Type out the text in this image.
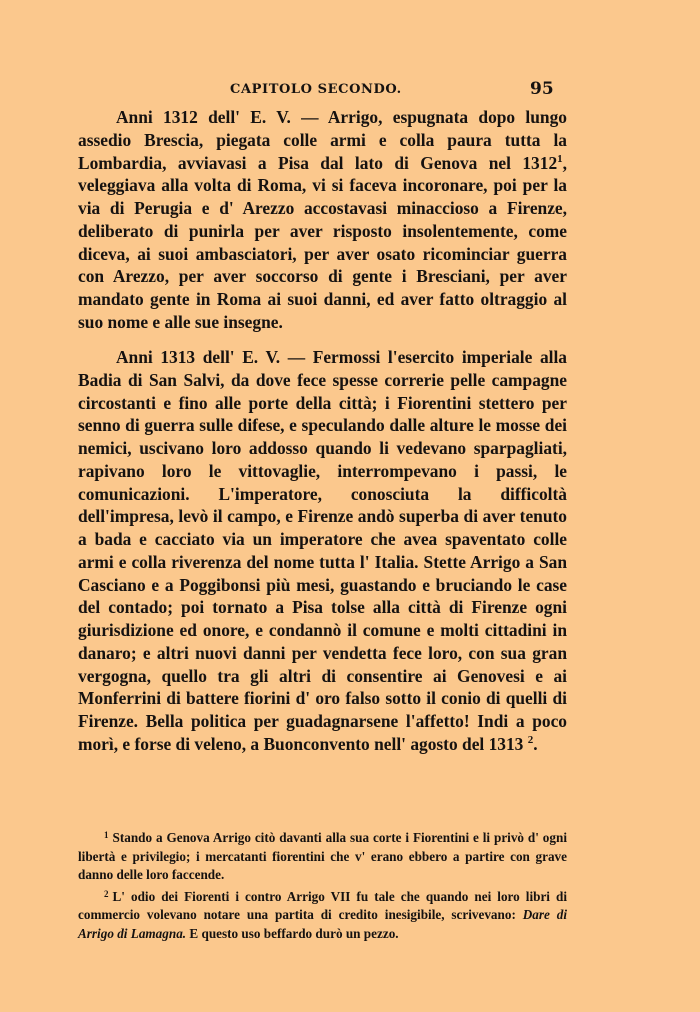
CAPITOLO SECONDO.	95

Anni 1312 dell' E. V. — Arrigo, espugnata dopo lungo assedio Brescia, piegata colle armi e colla paura tutta la Lombardia, avviavasi a Pisa dal lato di Genova nel 1312$^1$, veleggiava alla volta di Roma, vi si faceva incoronare, poi per la via di Perugia e d' Arezzo accostavasi minaccioso a Firenze, deliberato di punirla per aver risposto insolentemente, come diceva, ai suoi ambasciatori, per aver osato ricominciar guerra con Arezzo, per aver soccorso di gente i Bresciani, per aver mandato gente in Roma ai suoi danni, ed aver fatto oltraggio al suo nome e alle sue insegne.

Anni 1313 dell' E. V. — Fermossi l'esercito imperiale alla Badia di San Salvi, da dove fece spesse correrie pelle campagne circostanti e fino alle porte della città; i Fiorentini stettero per senno di guerra sulle difese, e speculando dalle alture le mosse dei nemici, uscivano loro addosso quando li vedevano sparpagliati, rapivano loro le vittovaglie, interrompevano i passi, le comunicazioni. L'imperatore, conosciuta la difficoltà dell'impresa, levò il campo, e Firenze andò superba di aver tenuto a bada e cacciato via un imperatore che avea spaventato colle armi e colla riverenza del nome tutta l' Italia. Stette Arrigo a San Casciano e a Poggibonsi più mesi, guastando e bruciando le case del contado; poi tornato a Pisa tolse alla città di Firenze ogni giurisdizione ed onore, e condannò il comune e molti cittadini in danaro; e altri nuovi danni per vendetta fece loro, con sua gran vergogna, quello tra gli altri di consentire ai Genovesi e ai Monferrini di battere fiorini d' oro falso sotto il conio di quelli di Firenze. Bella politica per guadagnarsene l'affetto! Indi a poco morì, e forse di veleno, a Buonconvento nell' agosto del 1313 $^2$.

$^1$ Stando a Genova Arrigo citò davanti alla sua corte i Fiorentini e li privò d' ogni libertà e privilegio; i mercatanti fiorentini che v' erano ebbero a partire con grave danno delle loro faccende.

$^2$ L' odio dei Fiorenti i contro Arrigo VII fu tale che quando nei loro libri di commercio volevano notare una partita di credito inesigibile, scrivevano: Dare di Arrigo di Lamagna. E questo uso beffardo durò un pezzo.
